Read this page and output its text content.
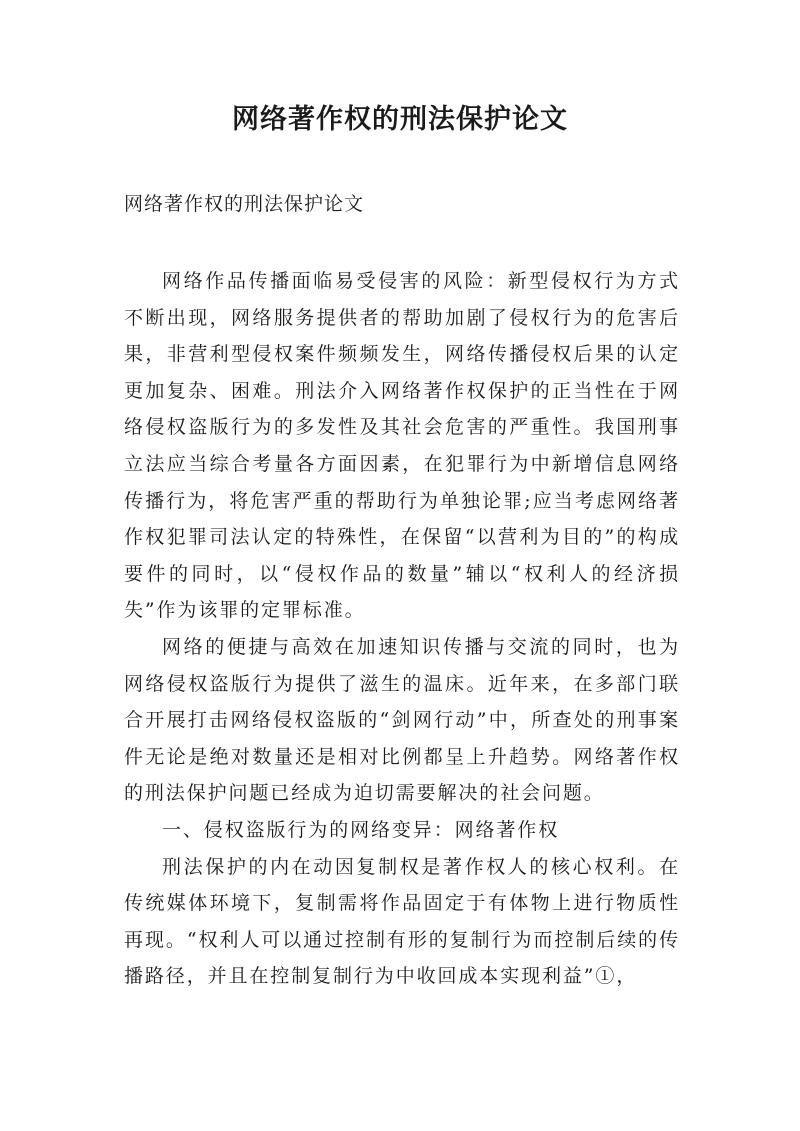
网络著作权的刑法保护论文

网络著作权的刑法保护论文

网络作品传播面临易受侵害的风险：新型侵权行为方式不断出现，网络服务提供者的帮助加剧了侵权行为的危害后果，非营利型侵权案件频频发生，网络传播侵权后果的认定更加复杂、困难。刑法介入网络著作权保护的正当性在于网络侵权盗版行为的多发性及其社会危害的严重性。我国刑事立法应当综合考量各方面因素，在犯罪行为中新增信息网络传播行为，将危害严重的帮助行为单独论罪;应当考虑网络著作权犯罪司法认定的特殊性，在保留“以营利为目的”的构成要件的同时，以“侵权作品的数量”辅以“权利人的经济损失”作为该罪的定罪标准。

网络的便捷与高效在加速知识传播与交流的同时，也为网络侵权盗版行为提供了滋生的温床。近年来，在多部门联合开展打击网络侵权盗版的“剑网行动”中，所查处的刑事案件无论是绝对数量还是相对比例都呈上升趋势。网络著作权的刑法保护问题已经成为迫切需要解决的社会问题。

一、侵权盗版行为的网络变异：网络著作权

刑法保护的内在动因复制权是著作权人的核心权利。在传统媒体环境下，复制需将作品固定于有体物上进行物质性再现。“权利人可以通过控制有形的复制行为而控制后续的传播路径，并且在控制复制行为中收回成本实现利益”①，
